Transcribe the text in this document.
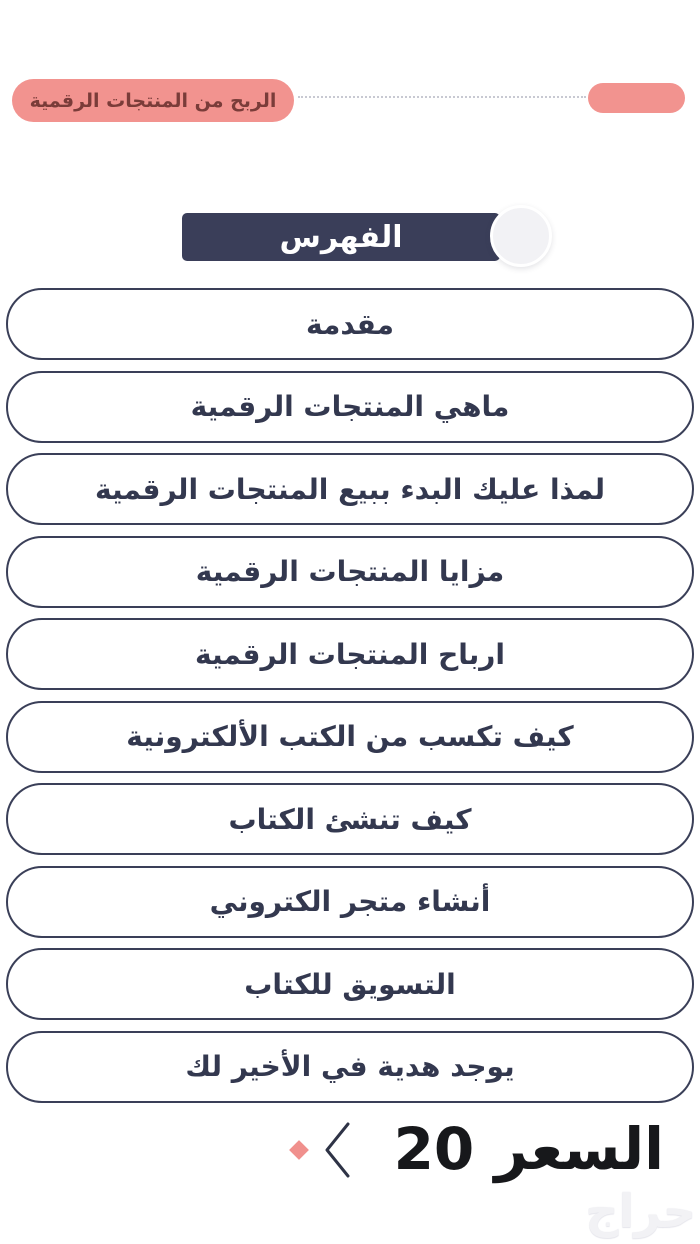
الربح من المنتجات الرقمية
الفهرس
مقدمة
ماهي المنتجات الرقمية
لمذا عليك البدء ببيع المنتجات الرقمية
مزايا المنتجات الرقمية
ارباح المنتجات الرقمية
كيف تكسب من الكتب الألكترونية
كيف تنشئ الكتاب
أنشاء متجر الكتروني
التسويق للكتاب
يوجد هدية في الأخير لك
السعر 20
حراج
